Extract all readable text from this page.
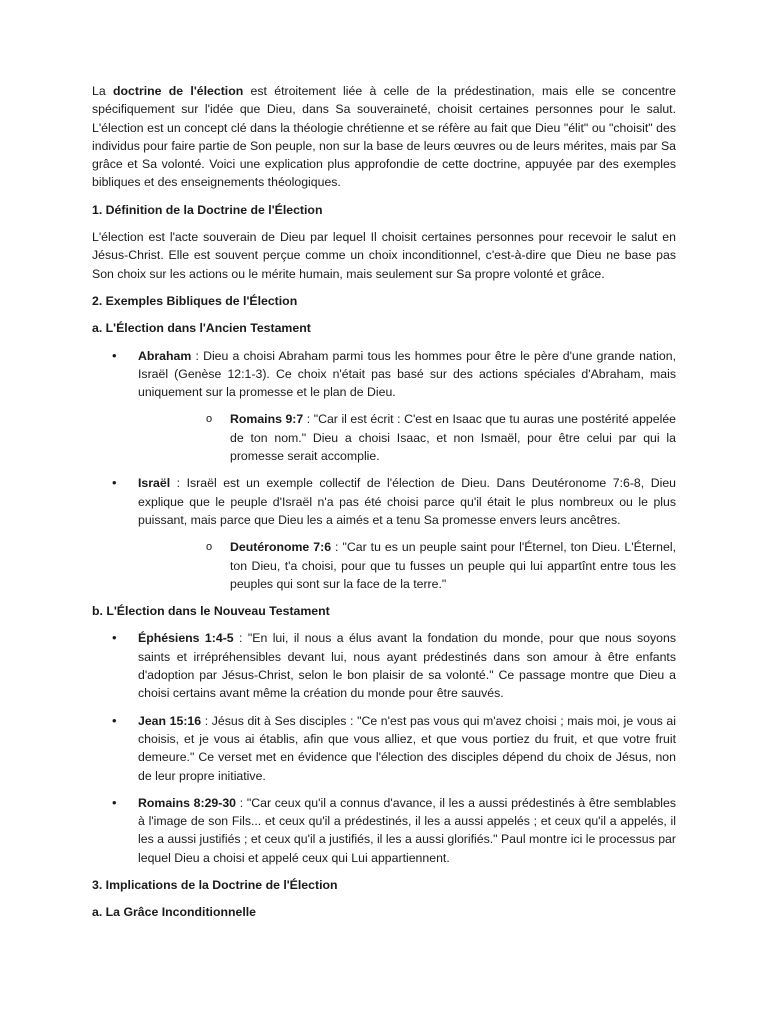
La doctrine de l'élection est étroitement liée à celle de la prédestination, mais elle se concentre spécifiquement sur l'idée que Dieu, dans Sa souveraineté, choisit certaines personnes pour le salut. L'élection est un concept clé dans la théologie chrétienne et se réfère au fait que Dieu "élit" ou "choisit" des individus pour faire partie de Son peuple, non sur la base de leurs œuvres ou de leurs mérites, mais par Sa grâce et Sa volonté. Voici une explication plus approfondie de cette doctrine, appuyée par des exemples bibliques et des enseignements théologiques.

1. Définition de la Doctrine de l'Élection

L'élection est l'acte souverain de Dieu par lequel Il choisit certaines personnes pour recevoir le salut en Jésus-Christ. Elle est souvent perçue comme un choix inconditionnel, c'est-à-dire que Dieu ne base pas Son choix sur les actions ou le mérite humain, mais seulement sur Sa propre volonté et grâce.

2. Exemples Bibliques de l'Élection

a. L'Élection dans l'Ancien Testament

• Abraham : Dieu a choisi Abraham parmi tous les hommes pour être le père d'une grande nation, Israël (Genèse 12:1-3). Ce choix n'était pas basé sur des actions spéciales d'Abraham, mais uniquement sur la promesse et le plan de Dieu.

o Romains 9:7 : "Car il est écrit : C'est en Isaac que tu auras une postérité appelée de ton nom." Dieu a choisi Isaac, et non Ismaël, pour être celui par qui la promesse serait accomplie.

• Israël : Israël est un exemple collectif de l'élection de Dieu. Dans Deutéronome 7:6-8, Dieu explique que le peuple d'Israël n'a pas été choisi parce qu'il était le plus nombreux ou le plus puissant, mais parce que Dieu les a aimés et a tenu Sa promesse envers leurs ancêtres.

o Deutéronome 7:6 : "Car tu es un peuple saint pour l'Éternel, ton Dieu. L'Éternel, ton Dieu, t'a choisi, pour que tu fusses un peuple qui lui appartînt entre tous les peuples qui sont sur la face de la terre."

b. L'Élection dans le Nouveau Testament

• Éphésiens 1:4-5 : "En lui, il nous a élus avant la fondation du monde, pour que nous soyons saints et irrépréhensibles devant lui, nous ayant prédestinés dans son amour à être enfants d'adoption par Jésus-Christ, selon le bon plaisir de sa volonté." Ce passage montre que Dieu a choisi certains avant même la création du monde pour être sauvés.

• Jean 15:16 : Jésus dit à Ses disciples : "Ce n'est pas vous qui m'avez choisi ; mais moi, je vous ai choisis, et je vous ai établis, afin que vous alliez, et que vous portiez du fruit, et que votre fruit demeure." Ce verset met en évidence que l'élection des disciples dépend du choix de Jésus, non de leur propre initiative.

• Romains 8:29-30 : "Car ceux qu'il a connus d'avance, il les a aussi prédestinés à être semblables à l'image de son Fils... et ceux qu'il a prédestinés, il les a aussi appelés ; et ceux qu'il a appelés, il les a aussi justifiés ; et ceux qu'il a justifiés, il les a aussi glorifiés." Paul montre ici le processus par lequel Dieu a choisi et appelé ceux qui Lui appartiennent.

3. Implications de la Doctrine de l'Élection

a. La Grâce Inconditionnelle
